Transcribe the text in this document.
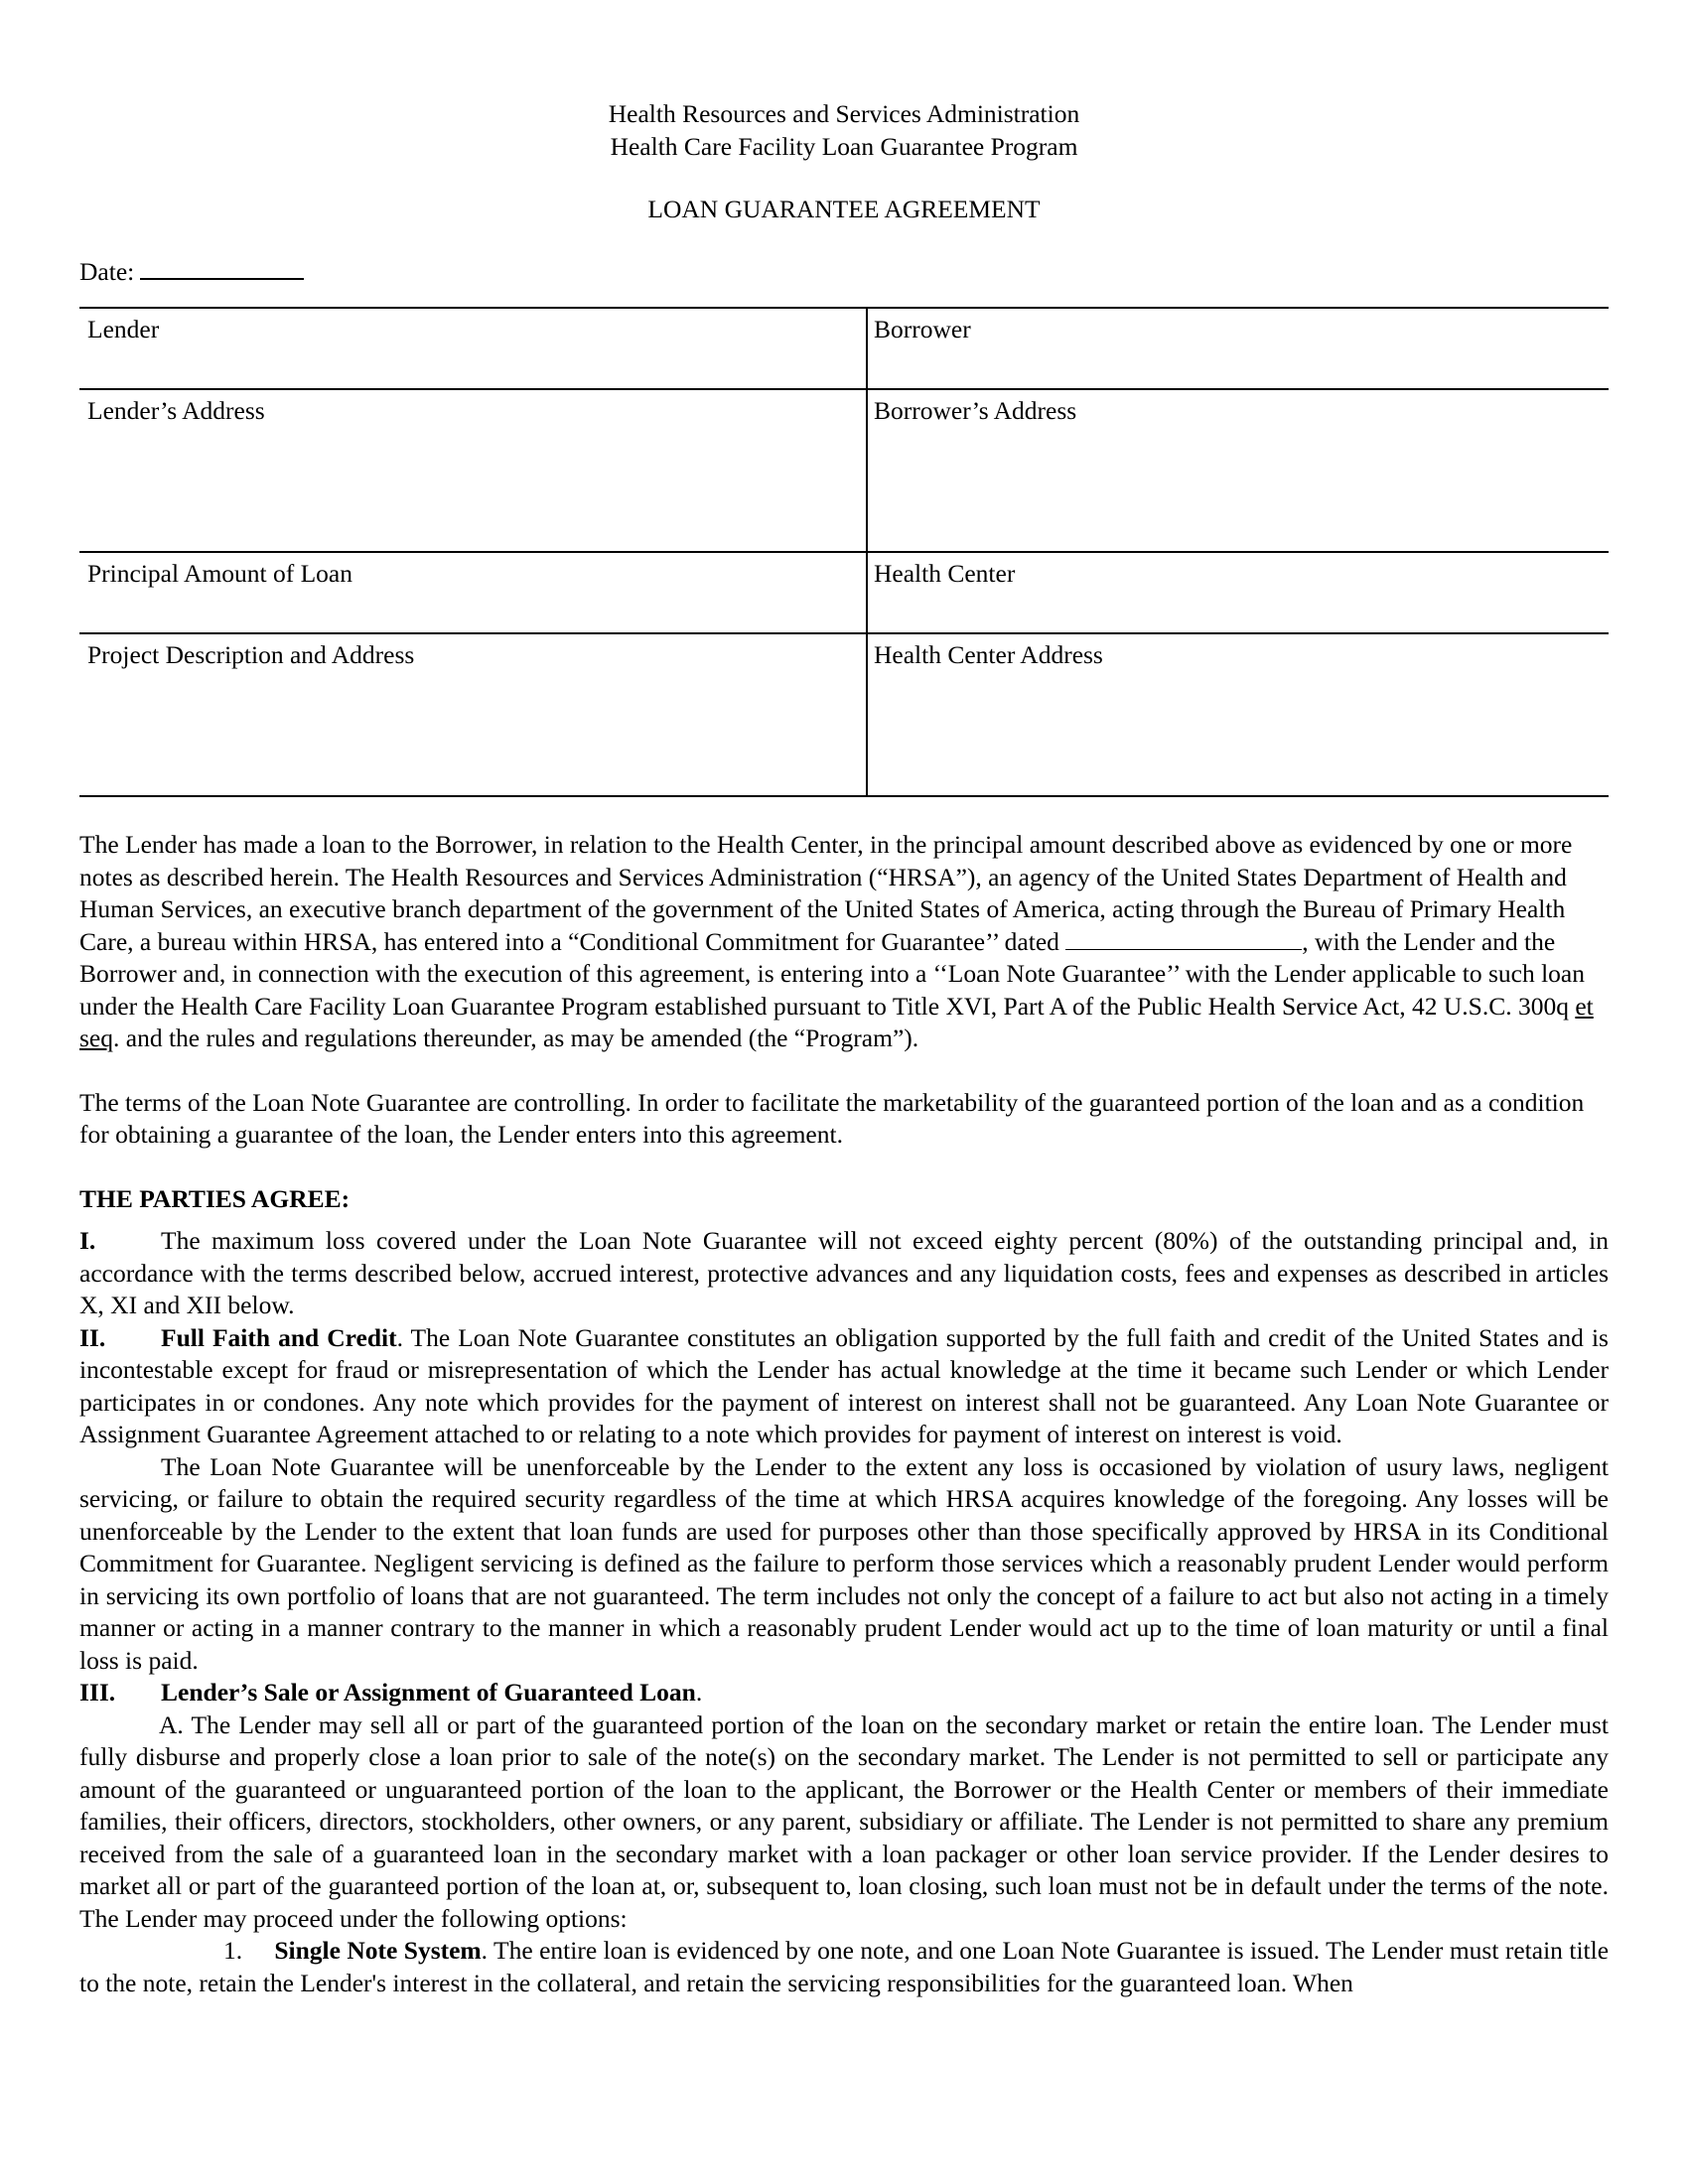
Health Resources and Services Administration
Health Care Facility Loan Guarantee Program
LOAN GUARANTEE AGREEMENT
Date:
Lender	Borrower
Lender’s Address	Borrower’s Address
Principal Amount of Loan	Health Center
Project Description and Address	Health Center Address
The Lender has made a loan to the Borrower, in relation to the Health Center, in the principal amount described above as evidenced by one or more notes as described herein. The Health Resources and Services Administration (“HRSA”), an agency of the United States Department of Health and Human Services, an executive branch department of the government of the United States of America, acting through the Bureau of Primary Health Care, a bureau within HRSA, has entered into a “Conditional Commitment for Guarantee’’ dated	, with the Lender and the Borrower and, in connection with the execution of this agreement, is entering into a ‘‘Loan Note Guarantee’’ with the Lender applicable to such loan under the Health Care Facility Loan Guarantee Program established pursuant to Title XVI, Part A of the Public Health Service Act, 42 U.S.C. 300q et seq. and the rules and regulations thereunder, as may be amended (the “Program”).
The terms of the Loan Note Guarantee are controlling. In order to facilitate the marketability of the guaranteed portion of the loan and as a condition for obtaining a guarantee of the loan, the Lender enters into this agreement.
THE PARTIES AGREE:
I.	The maximum loss covered under the Loan Note Guarantee will not exceed eighty percent (80%) of the outstanding principal and, in accordance with the terms described below, accrued interest, protective advances and any liquidation costs, fees and expenses as described in articles X, XI and XII below.
II. Full Faith and Credit. The Loan Note Guarantee constitutes an obligation supported by the full faith and credit of the United States and is incontestable except for fraud or misrepresentation of which the Lender has actual knowledge at the time it became such Lender or which Lender participates in or condones. Any note which provides for the payment of interest on interest shall not be guaranteed. Any Loan Note Guarantee or Assignment Guarantee Agreement attached to or relating to a note which provides for payment of interest on interest is void.
The Loan Note Guarantee will be unenforceable by the Lender to the extent any loss is occasioned by violation of usury laws, negligent servicing, or failure to obtain the required security regardless of the time at which HRSA acquires knowledge of the foregoing. Any losses will be unenforceable by the Lender to the extent that loan funds are used for purposes other than those specifically approved by HRSA in its Conditional Commitment for Guarantee. Negligent servicing is defined as the failure to perform those services which a reasonably prudent Lender would perform in servicing its own portfolio of loans that are not guaranteed. The term includes not only the concept of a failure to act but also not acting in a timely manner or acting in a manner contrary to the manner in which a reasonably prudent Lender would act up to the time of loan maturity or until a final loss is paid.
III. Lender’s Sale or Assignment of Guaranteed Loan.
A. The Lender may sell all or part of the guaranteed portion of the loan on the secondary market or retain the entire loan. The Lender must fully disburse and properly close a loan prior to sale of the note(s) on the secondary market. The Lender is not permitted to sell or participate any amount of the guaranteed or unguaranteed portion of the loan to the applicant, the Borrower or the Health Center or members of their immediate families, their officers, directors, stockholders, other owners, or any parent, subsidiary or affiliate. The Lender is not permitted to share any premium received from the sale of a guaranteed loan in the secondary market with a loan packager or other loan service provider. If the Lender desires to market all or part of the guaranteed portion of the loan at, or, subsequent to, loan closing, such loan must not be in default under the terms of the note. The Lender may proceed under the following options:
1. Single Note System. The entire loan is evidenced by one note, and one Loan Note Guarantee is issued. The Lender must retain title to the note, retain the Lender's interest in the collateral, and retain the servicing responsibilities for the guaranteed loan. When
